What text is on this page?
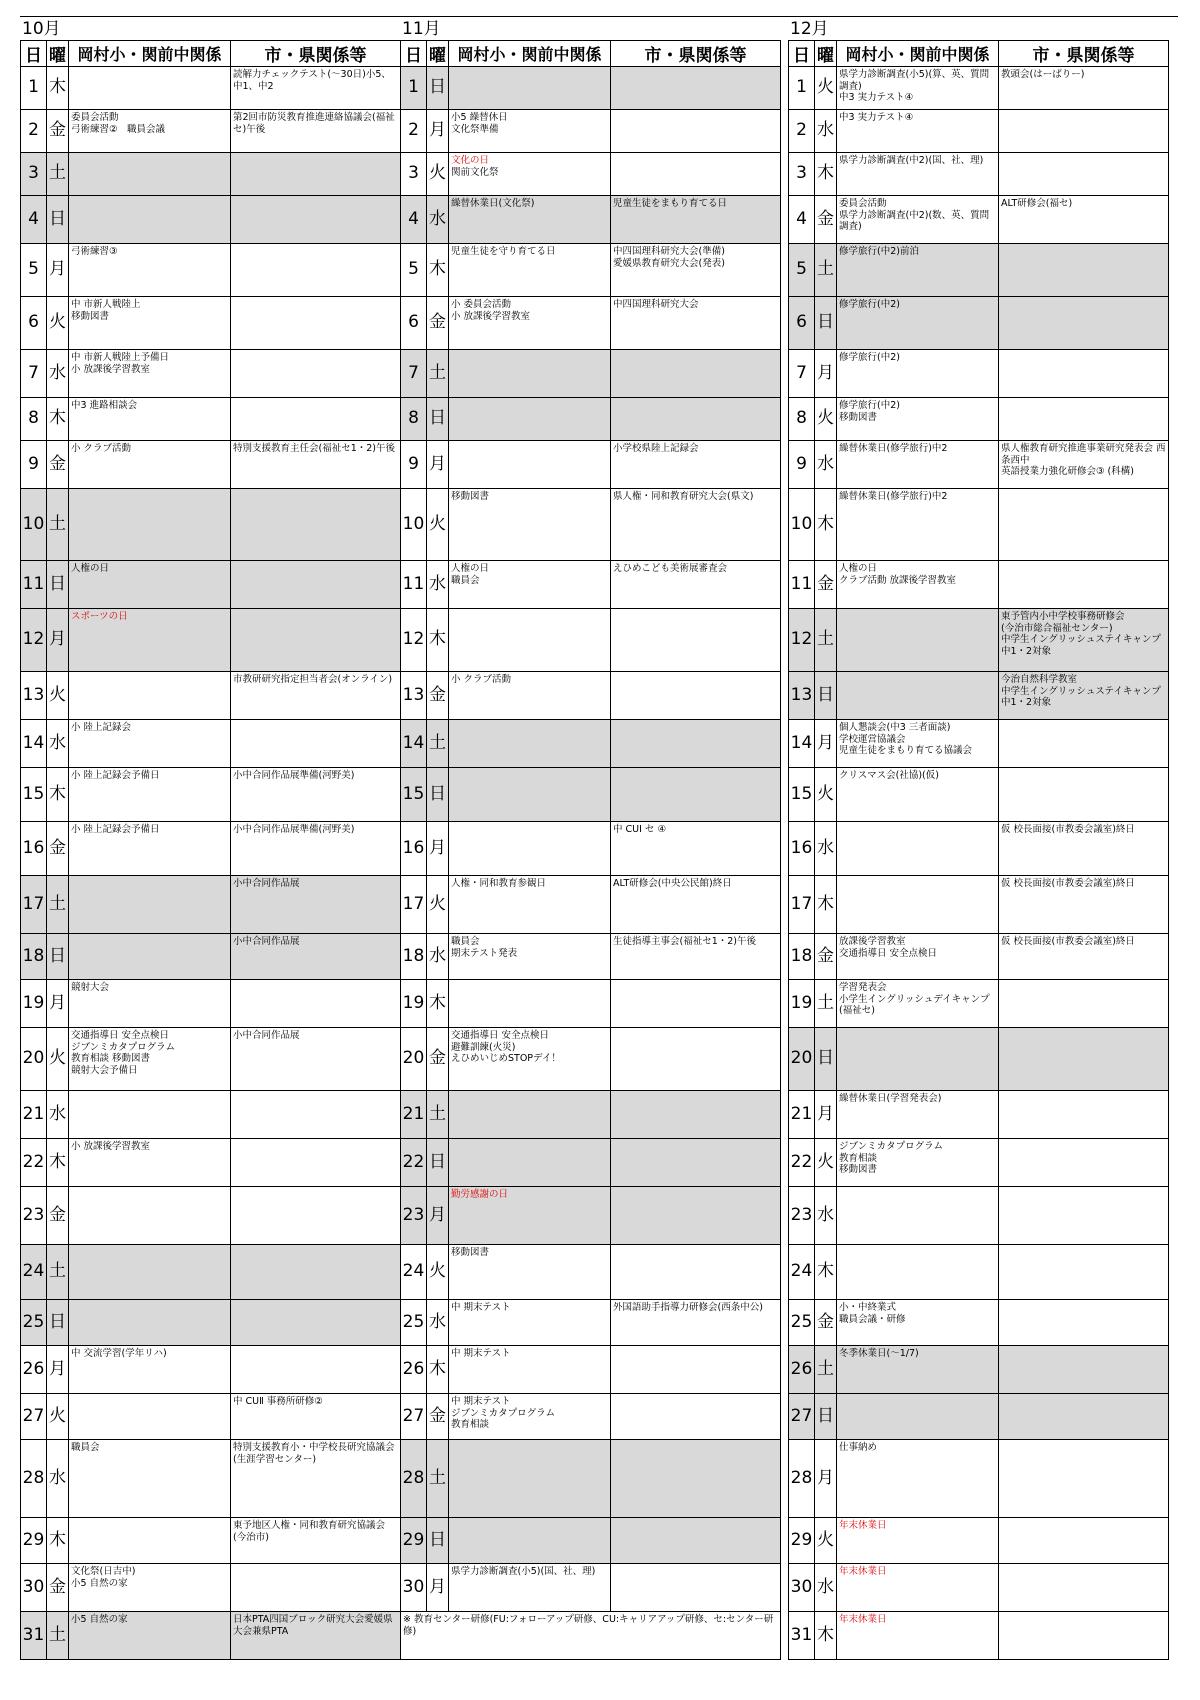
10月
日	曜	岡村小・関前中関係	市・県関係等
1	木		読解力チェックテスト(～30日)小5、中1、中2

2	金	委員会活動
弓術練習②　職員会議	第2回市防災教育推進連絡協議会(福祉セ)午後

3	土		
4	日		
5	月	弓術練習③	

6	火	中 市新人戦陸上
移動図書	

7	水	中 市新人戦陸上予備日
小 放課後学習教室	

8	木	中3 進路相談会	

9	金	小 クラブ活動	特別支援教育主任会(福祉セ1・2)午後

10	土		
11	日	人権の日	

12	月	スポーツの日	

13	火		市教研研究指定担当者会(オンライン)

14	水	小 陸上記録会	

15	木	小 陸上記録会予備日	小中合同作品展準備(河野美)

16	金	小 陸上記録会予備日	小中合同作品展準備(河野美)

17	土		小中合同作品展

18	日		小中合同作品展

19	月	競射大会	

20	火	交通指導日 安全点検日
ジブンミカタプログラム
教育相談 移動図書
競射大会予備日	小中合同作品展

21	水		
22	木	小 放課後学習教室	

23	金		
24	土		
25	日		
26	月	中 交流学習(学年リハ)	

27	火		中 CUⅡ 事務所研修②

28	水	職員会	特別支援教育小・中学校長研究協議会(生涯学習センター)

29	木		東予地区人権・同和教育研究協議会(今治市)

30	金	文化祭(日吉中)
小5 自然の家	

31	土	小5 自然の家	日本PTA四国ブロック研究大会愛媛県大会兼県PTA
11月
日	曜	岡村小・関前中関係	市・県関係等
1	日		
2	月	小5 繰替休日
文化祭準備	

3	火	文化の日
関前文化祭	

4	水	繰替休業日(文化祭)	児童生徒をまもり育てる日

5	木	児童生徒を守り育てる日	中四国理科研究大会(準備)
愛媛県教育研究大会(発表)

6	金	小 委員会活動
小 放課後学習教室	中四国理科研究大会

7	土		
8	日		
9	月		小学校県陸上記録会

10	火	移動図書	県人権・同和教育研究大会(県文)

11	水	人権の日
職員会	えひめこども美術展審査会

12	木		
13	金	小 クラブ活動	

14	土		
15	日		
16	月		中 CUⅠ セ ④

17	火	人権・同和教育参観日	ALT研修会(中央公民館)終日

18	水	職員会
期末テスト発表	生徒指導主事会(福祉セ1・2)午後

19	木		
20	金	交通指導日 安全点検日
避難訓練(火災)
えひめいじめSTOPデイ！	

21	土		
22	日		
23	月	勤労感謝の日	

24	火	移動図書	

25	水	中 期末テスト	外国語助手指導力研修会(西条中公)

26	木	中 期末テスト	

27	金	中 期末テスト
ジブンミカタプログラム
教育相談	

28	土		
29	日		
30	月	県学力診断調査(小5)(国、社、理)	

※ 教育センター研修(FU:フォローアップ研修、CU:キャリアアップ研修、セ:センター研修)			
12月
日	曜	岡村小・関前中関係	市・県関係等
1	火	県学力診断調査(小5)(算、英、質問調査)
中3 実力テスト④	教頭会(はーばりー)

2	水	中3 実力テスト④	

3	木	県学力診断調査(中2)(国、社、理)	

4	金	委員会活動
県学力診断調査(中2)(数、英、質問調査)	ALT研修会(福セ)

5	土	修学旅行(中2)前泊	

6	日	修学旅行(中2)	

7	月	修学旅行(中2)	

8	火	修学旅行(中2)
移動図書	

9	水	繰替休業日(修学旅行)中2	県人権教育研究推進事業研究発表会 西条西中
英語授業力強化研修会③ (科構)

10	木	繰替休業日(修学旅行)中2	

11	金	人権の日
クラブ活動 放課後学習教室	

12	土		東予管内小中学校事務研修会
(今治市総合福祉センター)
中学生イングリッシュステイキャンプ
中1・2対象

13	日		今治自然科学教室
中学生イングリッシュステイキャンプ
中1・2対象

14	月	個人懇談会(中3 三者面談)
学校運営協議会
児童生徒をまもり育てる協議会	

15	火	クリスマス会(社協)(仮)	

16	水		仮 校長面接(市教委会議室)終日

17	木		仮 校長面接(市教委会議室)終日

18	金	放課後学習教室
交通指導日 安全点検日	仮 校長面接(市教委会議室)終日

19	土	学習発表会
小学生イングリッシュデイキャンプ
(福祉セ)	

20	日		
21	月	繰替休業日(学習発表会)	

22	火	ジブンミカタプログラム
教育相談
移動図書	

23	水		
24	木		
25	金	小・中終業式
職員会議・研修	

26	土	冬季休業日(～1/7)	

27	日		
28	月	仕事納め	

29	火	年末休業日	

30	水	年末休業日	

31	木	年末休業日	
